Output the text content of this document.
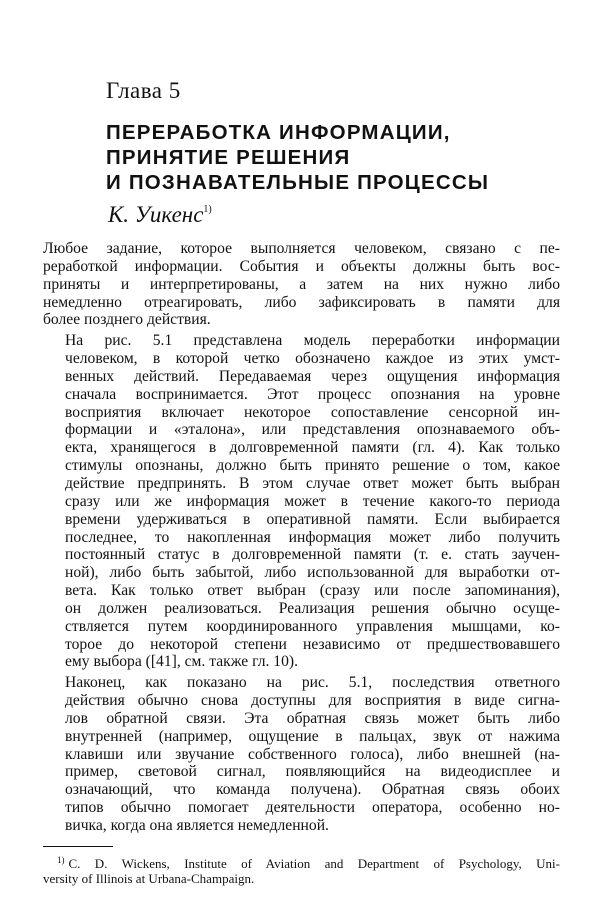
Глава 5
ПЕРЕРАБОТКА ИНФОРМАЦИИ,
ПРИНЯТИЕ РЕШЕНИЯ
И ПОЗНАВАТЕЛЬНЫЕ ПРОЦЕССЫ
К. Уикенс$^{1)}$
Любое задание, которое выполняется человеком, связано с пе-
реработкой информации. События и объекты должны быть вос-
приняты и интерпретированы, а затем на них нужно либо
немедленно отреагировать, либо зафиксировать в памяти для
более позднего действия.
На рис. 5.1 представлена модель переработки информации
человеком, в которой четко обозначено каждое из этих умст-
венных действий. Передаваемая через ощущения информация
сначала воспринимается. Этот процесс опознания на уровне
восприятия включает некоторое сопоставление сенсорной ин-
формации и «эталона», или представления опознаваемого объ-
екта, хранящегося в долговременной памяти (гл. 4). Как только
стимулы опознаны, должно быть принято решение о том, какое
действие предпринять. В этом случае ответ может быть выбран
сразу или же информация может в течение какого-то периода
времени удерживаться в оперативной памяти. Если выбирается
последнее, то накопленная информация может либо получить
постоянный статус в долговременной памяти (т. е. стать заучен-
ной), либо быть забытой, либо использованной для выработки от-
вета. Как только ответ выбран (сразу или после запоминания),
он должен реализоваться. Реализация решения обычно осуще-
ствляется путем координированного управления мышцами, ко-
торое до некоторой степени независимо от предшествовавшего
ему выбора ([41], см. также гл. 10).
Наконец, как показано на рис. 5.1, последствия ответного
действия обычно снова доступны для восприятия в виде сигна-
лов обратной связи. Эта обратная связь может быть либо
внутренней (например, ощущение в пальцах, звук от нажима
клавиши или звучание собственного голоса), либо внешней (на-
пример, световой сигнал, появляющийся на видеодисплее и
означающий, что команда получена). Обратная связь обоих
типов обычно помогает деятельности оператора, особенно но-
вичка, когда она является немедленной.
$^{1)}$ C. D. Wickens, Institute of Aviation and Department of Psychology, Uni-
versity of Illinois at Urbana-Champaign.
